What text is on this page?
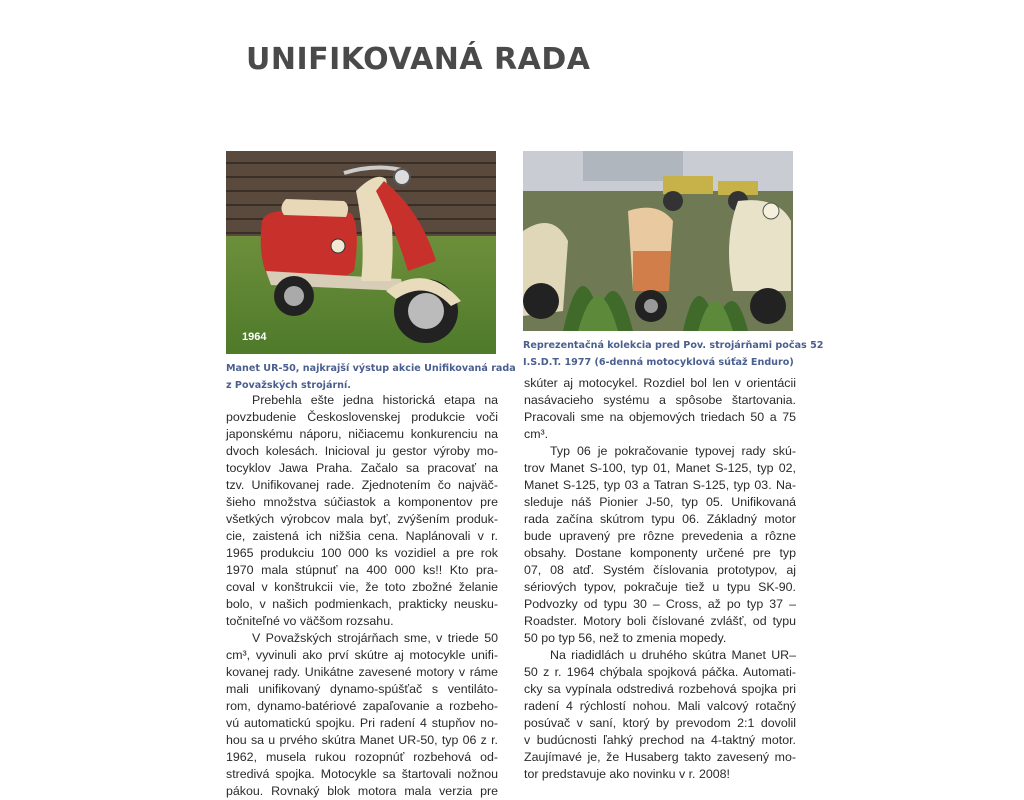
UNIFIKOVANÁ RADA
1964
Manet UR-50, najkrajší výstup akcie Unifikovaná rada
z Považských strojární.
Reprezentačná kolekcia pred Pov. strojárňami počas 52
I.S.D.T. 1977 (6-denná motocyklová súťaž Enduro)
Prebehla ešte jedna historická etapa na
povzbudenie Československej produkcie voči
japonskému náporu, ničiacemu konkurenciu na
dvoch kolesách. Inicioval ju gestor výroby mo-
tocyklov Jawa Praha. Začalo sa pracovať na
tzv. Unifikovanej rade. Zjednotením čo najväč-
šieho množstva súčiastok a komponentov pre
všetkých výrobcov mala byť, zvýšením produk-
cie, zaistená ich nižšia cena. Naplánovali v r.
1965 produkciu 100 000 ks vozidiel a pre rok
1970 mala stúpnuť na 400 000 ks!! Kto pra-
coval v konštrukcii vie, že toto zbožné želanie
bolo, v našich podmienkach, prakticky neusku-
točniteľné vo väčšom rozsahu.
V Považských strojárňach sme, v triede 50
cm³, vyvinuli ako prví skútre aj motocykle unifi-
kovanej rady. Unikátne zavesené motory v ráme
mali unifikovaný dynamo-spúšťač s ventiláto-
rom, dynamo-batériové zapaľovanie a rozbeho-
vú automatickú spojku. Pri radení 4 stupňov no-
hou sa u prvého skútra Manet UR-50, typ 06 z r.
1962, musela rukou rozopnúť rozbehová od-
stredivá spojka. Motocykle sa štartovali nožnou
pákou. Rovnaký blok motora mala verzia pre
skúter aj motocykel. Rozdiel bol len v orientácii
nasávacieho systému a spôsobe štartovania.
Pracovali sme na objemových triedach 50 a 75
cm³.
Typ 06 je pokračovanie typovej rady skú-
trov Manet S-100, typ 01, Manet S-125, typ 02,
Manet S-125, typ 03 a Tatran S-125, typ 03. Na-
sleduje náš Pionier J-50, typ 05. Unifikovaná
rada začína skútrom typu 06. Základný motor
bude upravený pre rôzne prevedenia a rôzne
obsahy. Dostane komponenty určené pre typ
07, 08 atď. Systém číslovania prototypov, aj
sériových typov, pokračuje tiež u typu SK-90.
Podvozky od typu 30 – Cross, až po typ 37 –
Roadster. Motory boli číslované zvlášť, od typu
50 po typ 56, než to zmenia mopedy.
Na riadidlách u druhého skútra Manet UR–
50 z r. 1964 chýbala spojková páčka. Automati-
cky sa vypínala odstredivá rozbehová spojka pri
radení 4 rýchlostí nohou. Mali valcový rotačný
posúvač v saní, ktorý by prevodom 2:1 dovolil
v budúcnosti ľahký prechod na 4-taktný motor.
Zaujímavé je, že Husaberg takto zavesený mo-
tor predstavuje ako novinku v r. 2008!
